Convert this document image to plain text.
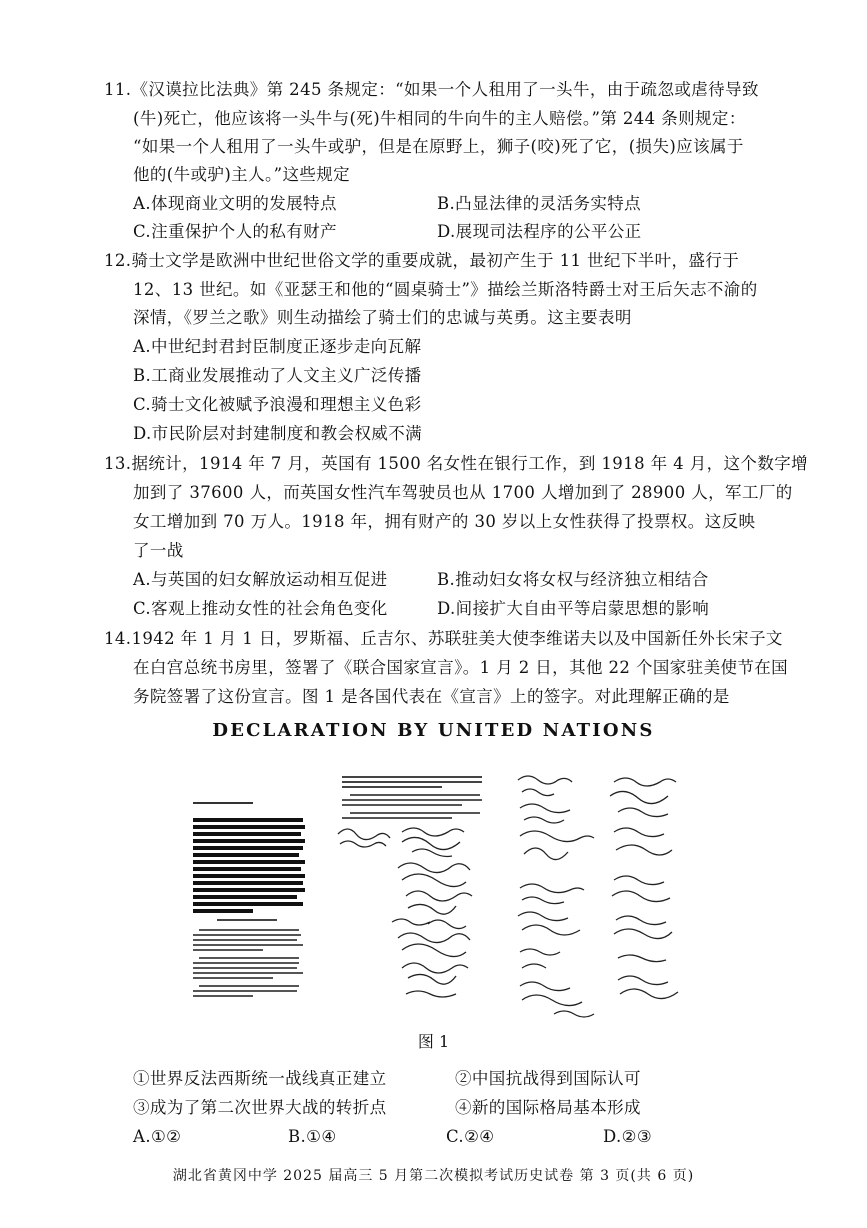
11.《汉谟拉比法典》第 245 条规定：“如果一个人租用了一头牛，由于疏忽或虐待导致
(牛)死亡，他应该将一头牛与(死)牛相同的牛向牛的主人赔偿。”第 244 条则规定：
“如果一个人租用了一头牛或驴，但是在原野上，狮子(咬)死了它，(损失)应该属于
他的(牛或驴)主人。”这些规定
A.体现商业文明的发展特点	B.凸显法律的灵活务实特点
C.注重保护个人的私有财产	D.展现司法程序的公平公正
12.骑士文学是欧洲中世纪世俗文学的重要成就，最初产生于 11 世纪下半叶，盛行于
12、13 世纪。如《亚瑟王和他的“圆桌骑士”》描绘兰斯洛特爵士对王后矢志不渝的
深情，《罗兰之歌》则生动描绘了骑士们的忠诚与英勇。这主要表明
A.中世纪封君封臣制度正逐步走向瓦解
B.工商业发展推动了人文主义广泛传播
C.骑士文化被赋予浪漫和理想主义色彩
D.市民阶层对封建制度和教会权威不满
13.据统计，1914 年 7 月，英国有 1500 名女性在银行工作，到 1918 年 4 月，这个数字增
加到了 37600 人，而英国女性汽车驾驶员也从 1700 人增加到了 28900 人，军工厂的
女工增加到 70 万人。1918 年，拥有财产的 30 岁以上女性获得了投票权。这反映
了一战
A.与英国的妇女解放运动相互促进	B.推动妇女将女权与经济独立相结合
C.客观上推动女性的社会角色变化	D.间接扩大自由平等启蒙思想的影响
14.1942 年 1 月 1 日，罗斯福、丘吉尔、苏联驻美大使李维诺夫以及中国新任外长宋子文
在白宫总统书房里，签署了《联合国家宣言》。1 月 2 日，其他 22 个国家驻美使节在国
务院签署了这份宣言。图 1 是各国代表在《宣言》上的签字。对此理解正确的是
DECLARATION BY UNITED NATIONS
图 1
①世界反法西斯统一战线真正建立	②中国抗战得到国际认可
③成为了第二次世界大战的转折点	④新的国际格局基本形成
A.①②	B.①④	C.②④	D.②③
湖北省黄冈中学 2025 届高三 5 月第二次模拟考试历史试卷 第 3 页(共 6 页)
